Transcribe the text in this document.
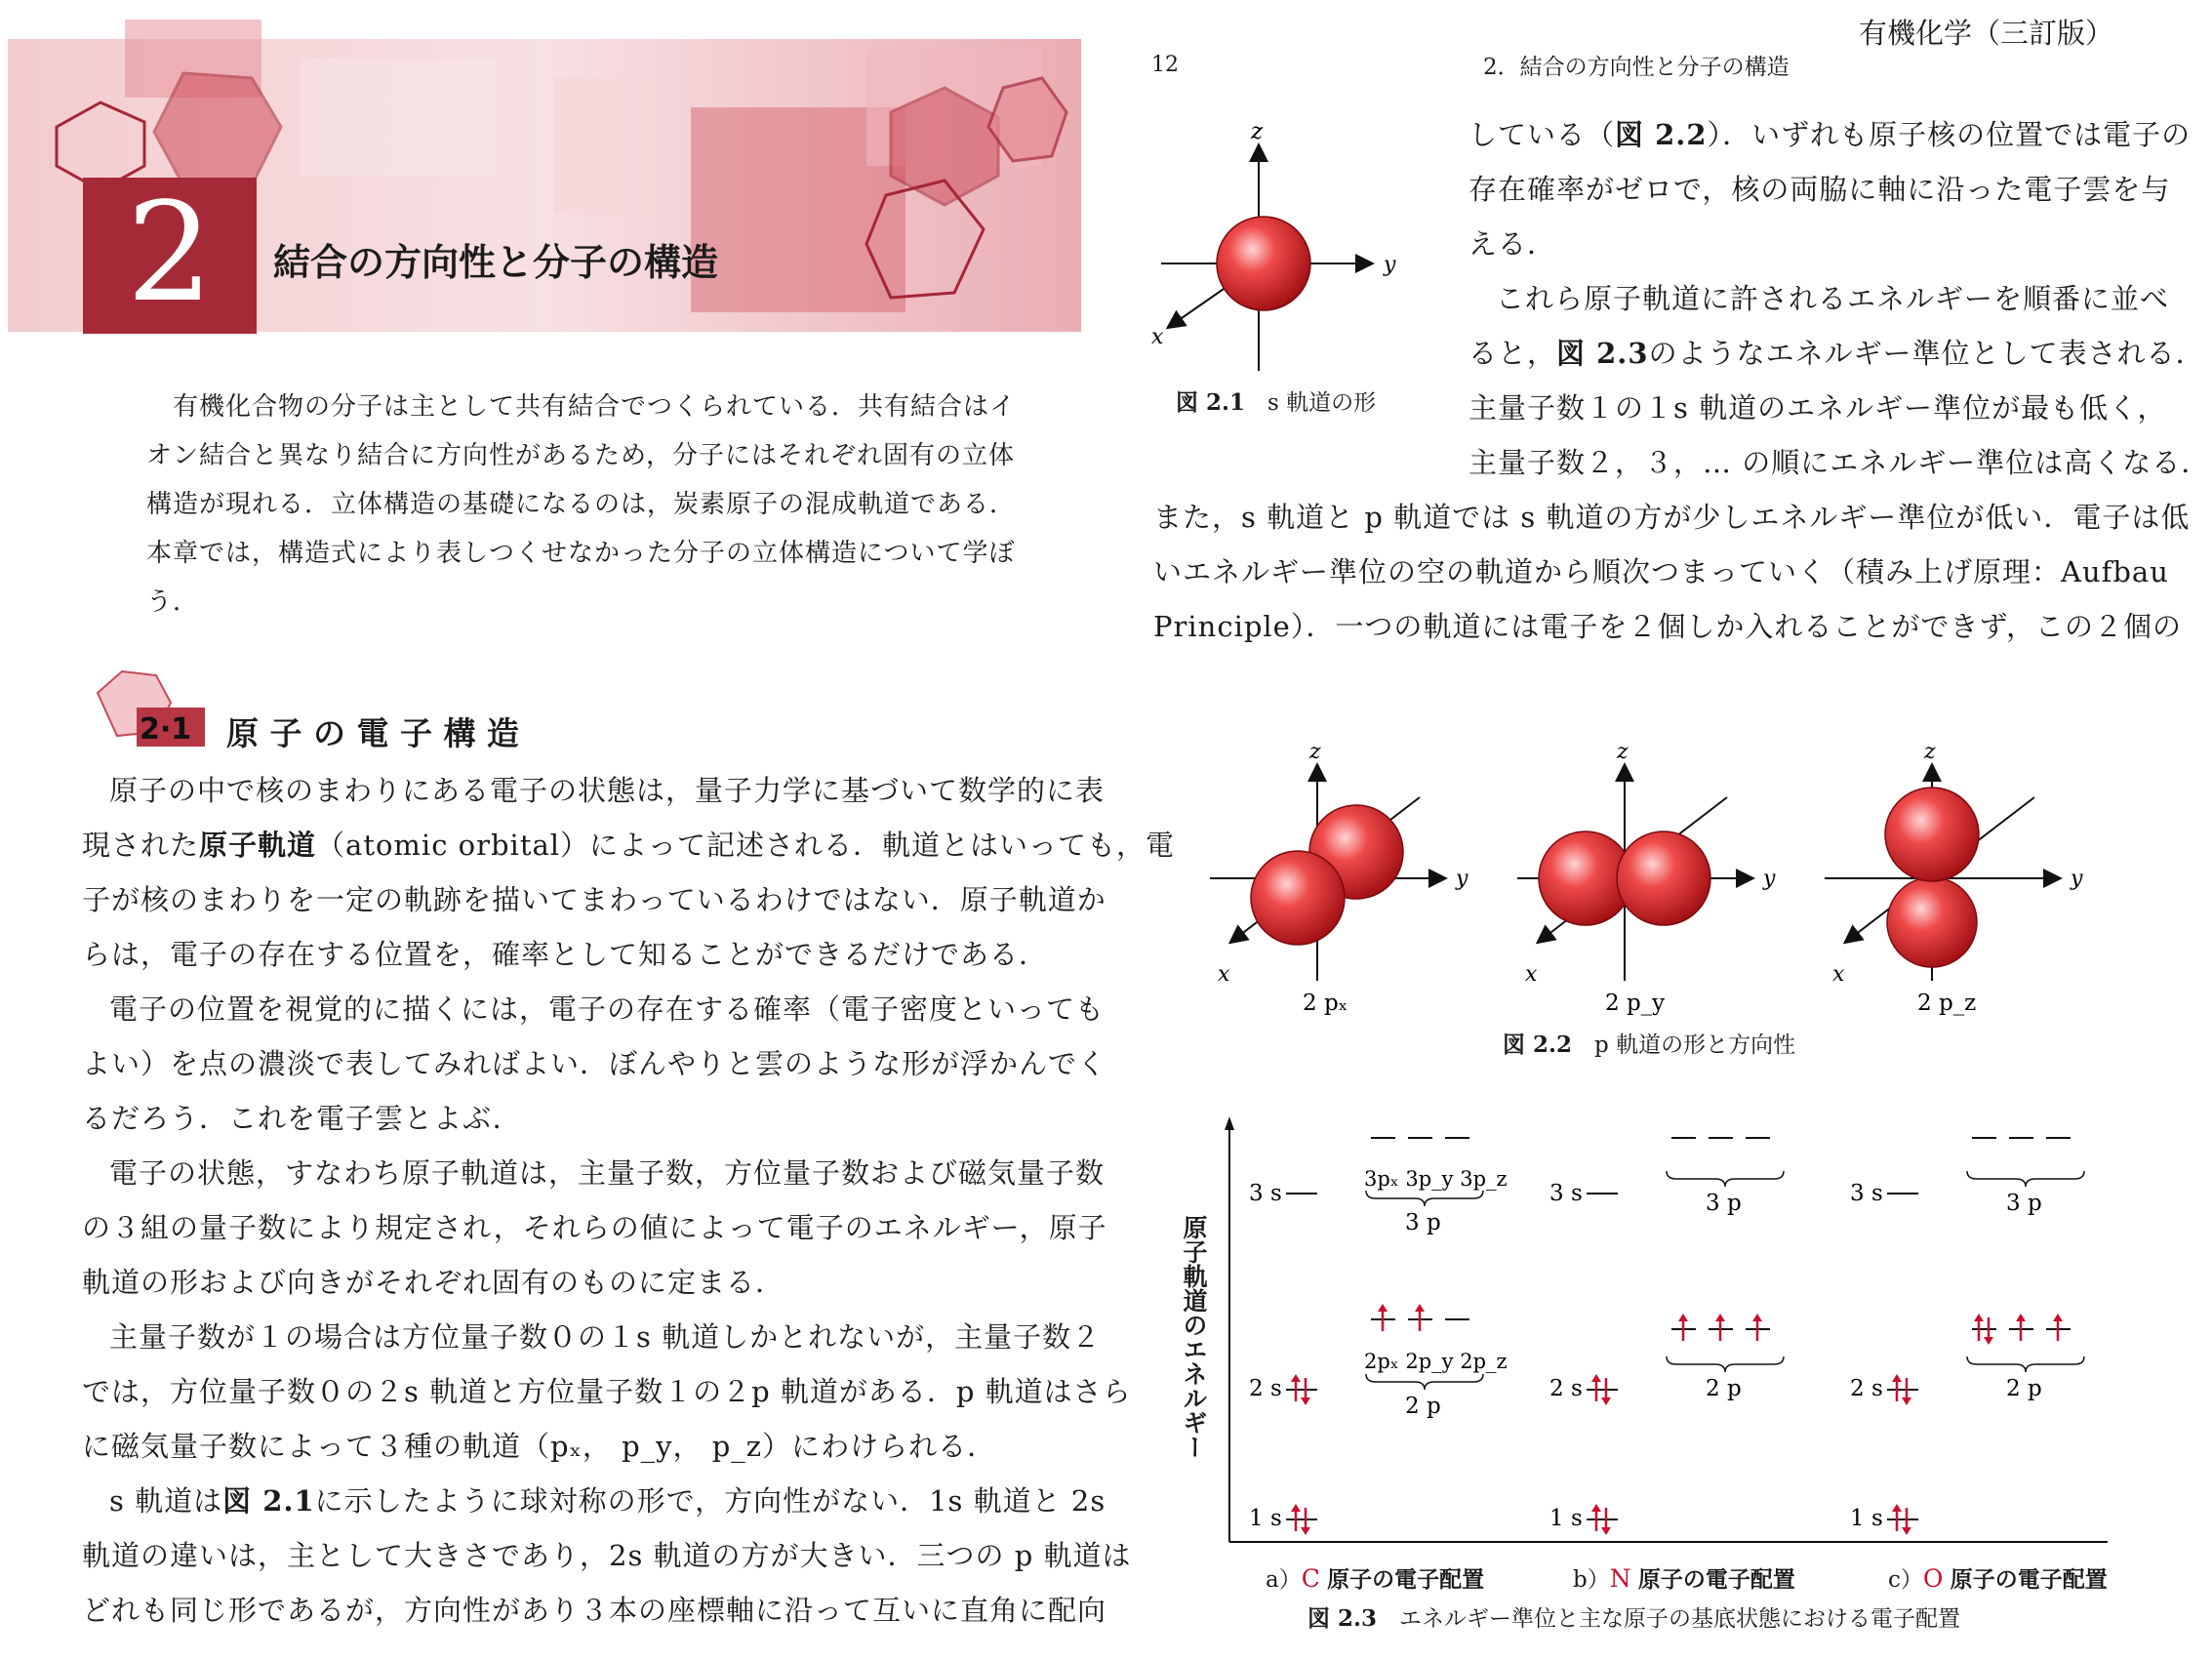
2	結合の方向性と分子の構造
有機化合物の分子は主として共有結合でつくられている．共有結合はイ
オン結合と異なり結合に方向性があるため，分子にはそれぞれ固有の立体
構造が現れる．立体構造の基礎になるのは，炭素原子の混成軌道である．
本章では，構造式により表しつくせなかった分子の立体構造について学ぼ
う．
2·1 原 子 の 電 子 構 造
原子の中で核のまわりにある電子の状態は，量子力学に基づいて数学的に表
現された原子軌道（atomic orbital）によって記述される．軌道とはいっても，電
子が核のまわりを一定の軌跡を描いてまわっているわけではない．原子軌道か
らは，電子の存在する位置を，確率として知ることができるだけである．
電子の位置を視覚的に描くには，電子の存在する確率（電子密度といっても
よい）を点の濃淡で表してみればよい．ぼんやりと雲のような形が浮かんでく
るだろう．これを電子雲とよぶ．
電子の状態，すなわち原子軌道は，主量子数，方位量子数および磁気量子数
の３組の量子数により規定され，それらの値によって電子のエネルギー，原子
軌道の形および向きがそれぞれ固有のものに定まる．
主量子数が１の場合は方位量子数０の１s 軌道しかとれないが，主量子数２
では，方位量子数０の２s 軌道と方位量子数１の２p 軌道がある．p 軌道はさら
に磁気量子数によって３種の軌道（pₓ， p_y， p_z）にわけられる．
s 軌道は図 2.1に示したように球対称の形で，方向性がない．1s 軌道と 2s
軌道の違いは，主として大きさであり，2s 軌道の方が大きい．三つの p 軌道は
どれも同じ形であるが，方向性があり３本の座標軸に沿って互いに直角に配向
有機化学（三訂版）
12	2．結合の方向性と分子の構造
z
y
x
図 2.1　 s 軌道の形
している（図 2.2）．いずれも原子核の位置では電子の
存在確率がゼロで，核の両脇に軸に沿った電子雲を与
える．
これら原子軌道に許されるエネルギーを順番に並べ
ると，図 2.3のようなエネルギー準位として表される．
主量子数１の１s 軌道のエネルギー準位が最も低く，
主量子数２，３，… の順にエネルギー準位は高くなる．
また，s 軌道と p 軌道では s 軌道の方が少しエネルギー準位が低い．電子は低
いエネルギー準位の空の軌道から順次つまっていく（積み上げ原理：Aufbau
Principle）．一つの軌道には電子を２個しか入れることができず，この２個の
z
y
x
2 pₓ
z
y
x
2 p_y
z
y
x
2 p_z
図 2.2　 p 軌道の形と方向性
3 s
3pₓ 3p_y 3p_z
3 p
2pₓ 2p_y 2p_z
2 p
2 s
1 s
3 s	3 p
2 p
2 s
1 s
3 s	3 p
2 p
2 s
1 s
原子軌道のエネルギー
a）C 原子の電子配置	b）N 原子の電子配置	c）O 原子の電子配置
図 2.3　 エネルギー準位と主な原子の基底状態における電子配置
